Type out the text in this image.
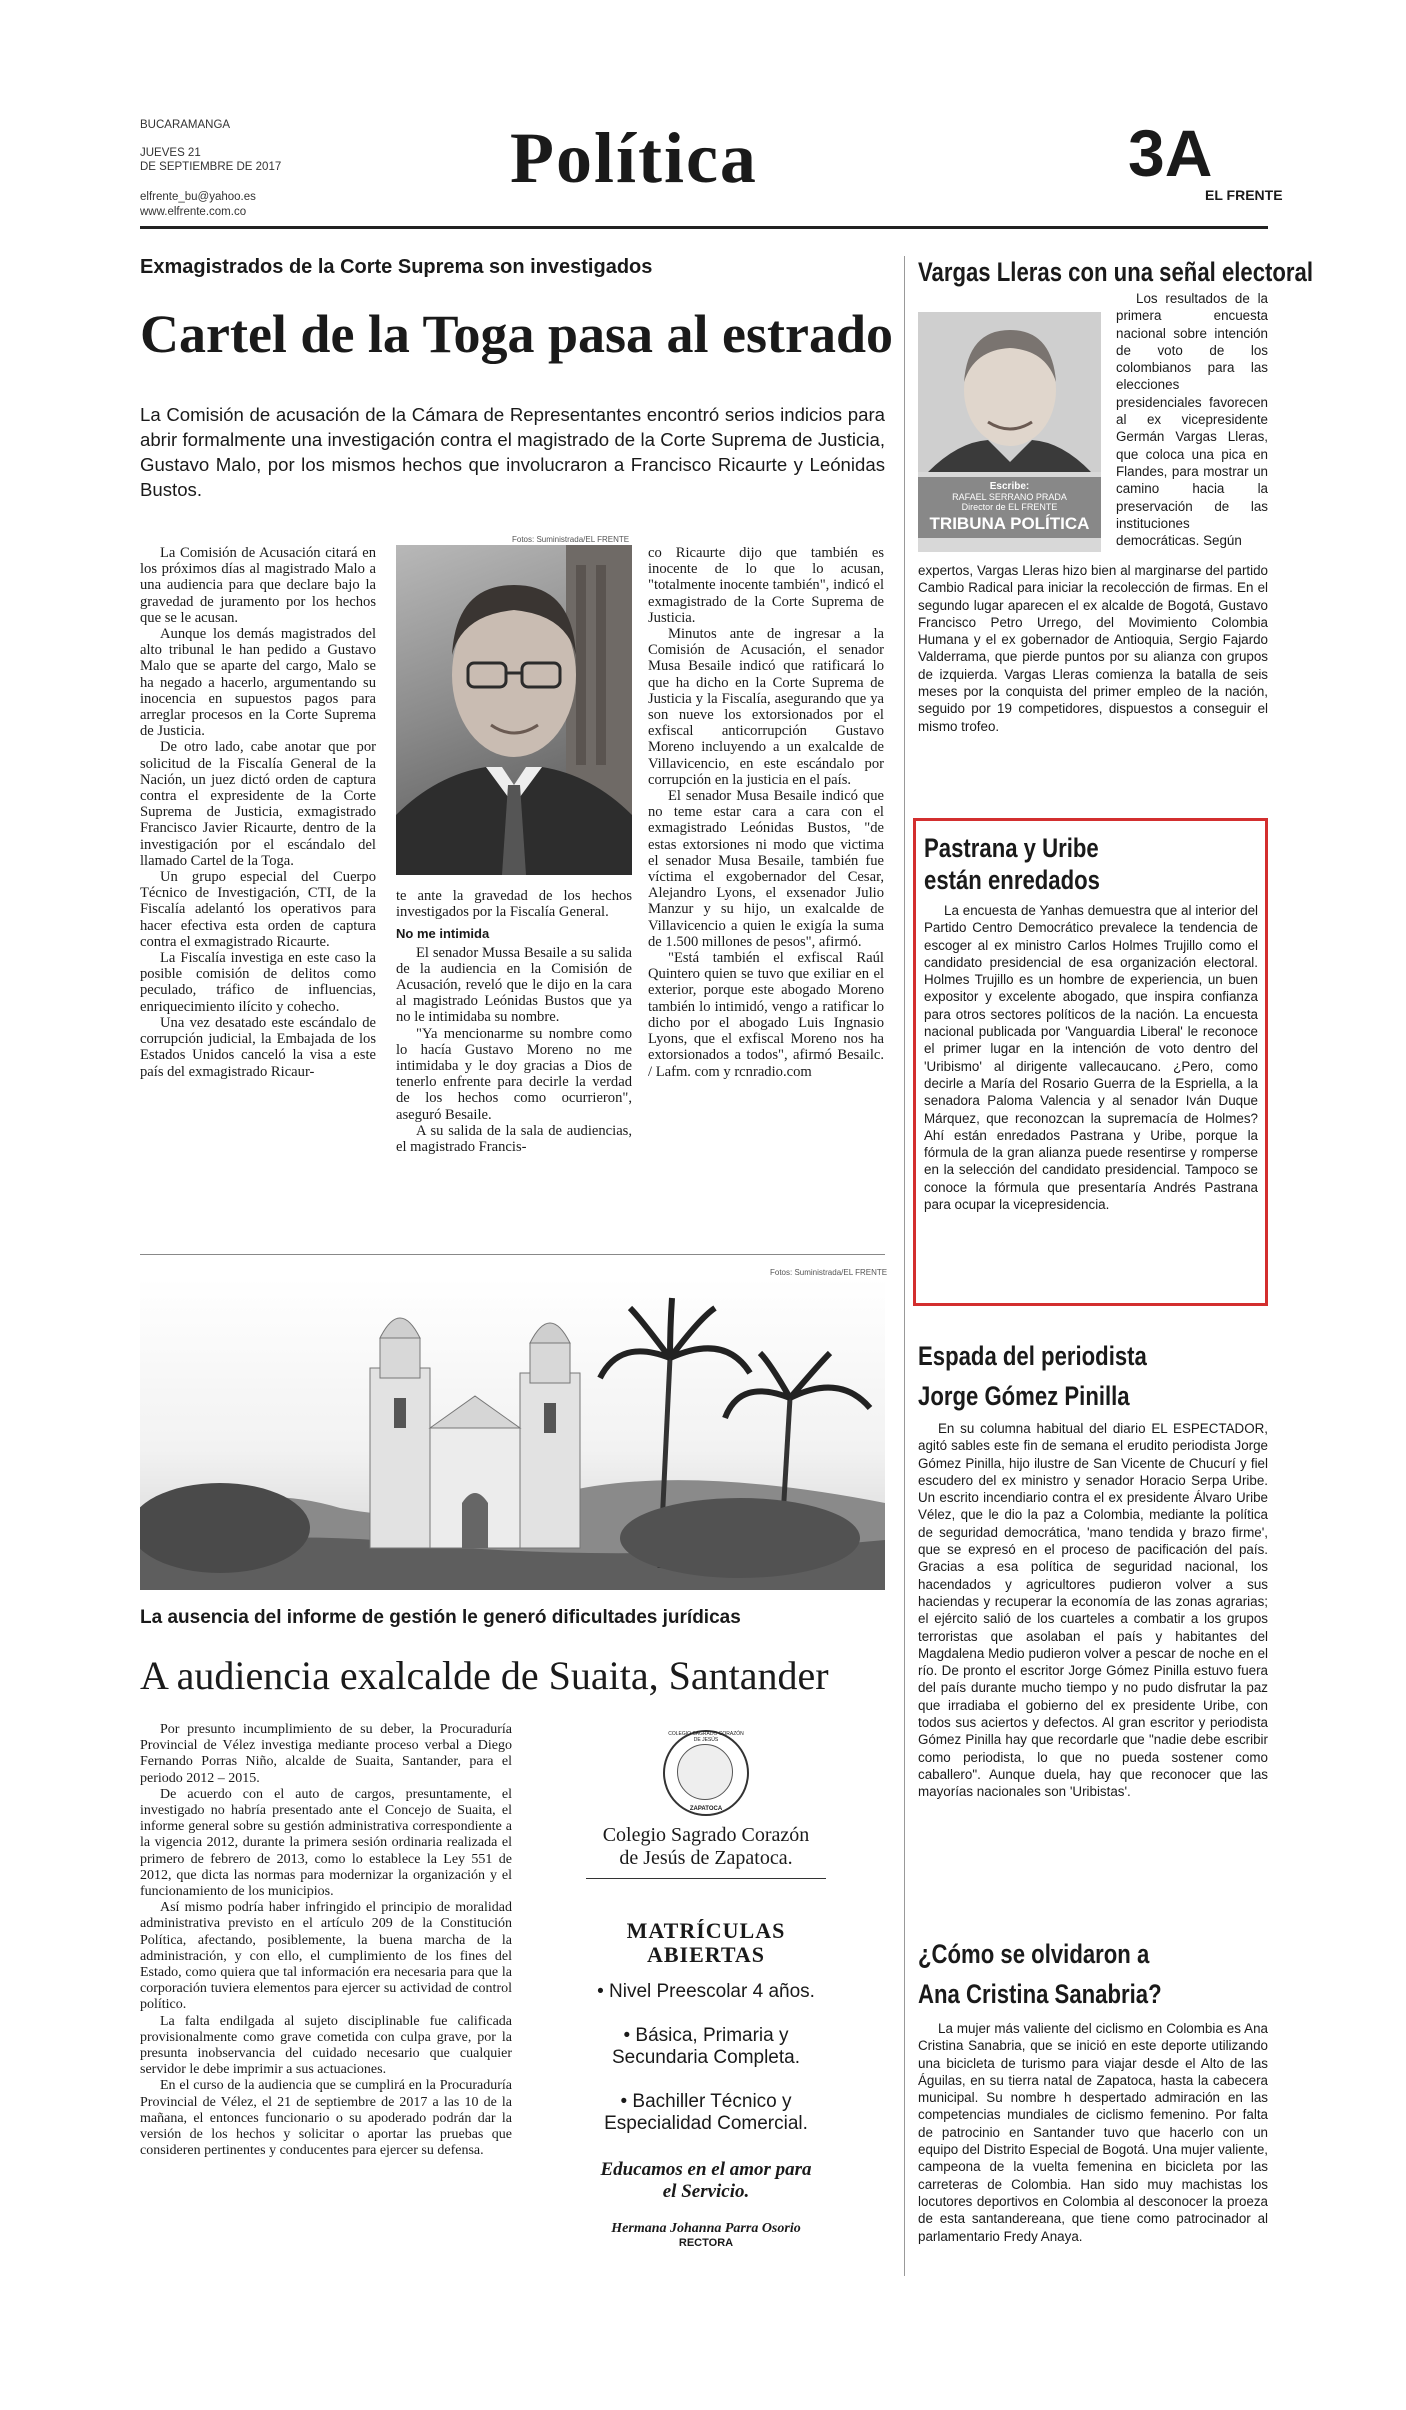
BUCARAMANGA
JUEVES 21
DE SEPTIEMBRE DE 2017
elfrente_bu@yahoo.es
www.elfrente.com.co
Política	3A
EL FRENTE
Exmagistrados de la Corte Suprema son investigados
Cartel de la Toga pasa al estrado
La Comisión de acusación de la Cámara de Representantes encontró serios indicios para abrir formalmente una investigación contra el magistrado de la Corte Suprema de Justicia, Gustavo Malo, por los mismos hechos que involucraron a Francisco Ricaurte y Leónidas Bustos.
Fotos: Suministrada/EL FRENTE

La Comisión de Acusación citará en los próximos días al magistrado Malo a una audiencia para que declare bajo la gravedad de juramento por los hechos que se le acusan.

Aunque los demás magistrados del alto tribunal le han pedido a Gustavo Malo que se aparte del cargo, Malo se ha negado a hacerlo, argumentando su inocencia en supuestos pagos para arreglar procesos en la Corte Suprema de Justicia.

De otro lado, cabe anotar que por solicitud de la Fiscalía General de la Nación, un juez dictó orden de captura contra el expresidente de la Corte Suprema de Justicia, exmagistrado Francisco Javier Ricaurte, dentro de la investigación por el escándalo del llamado Cartel de la Toga.

Un grupo especial del Cuerpo Técnico de Investigación, CTI, de la Fiscalía adelantó los operativos para hacer efectiva esta orden de captura contra el exmagistrado Ricaurte.

La Fiscalía investiga en este caso la posible comisión de delitos como peculado, tráfico de influencias, enriquecimiento ilícito y cohecho.

Una vez desatado este escándalo de corrupción judicial, la Embajada de los Estados Unidos canceló la visa a este país del exmagistrado Ricaur-

te ante la gravedad de los hechos investigados por la Fiscalía General.

No me intimida

El senador Mussa Besaile a su salida de la audiencia en la Comisión de Acusación, reveló que le dijo en la cara al magistrado Leónidas Bustos que ya no le intimidaba su nombre.

"Ya mencionarme su nombre como lo hacía Gustavo Moreno no me intimidaba y le doy gracias a Dios de tenerlo enfrente para decirle la verdad de los hechos como ocurrieron", aseguró Besaile.

A su salida de la sala de audiencias, el magistrado Francis-

co Ricaurte dijo que también es inocente de lo que lo acusan, "totalmente inocente también", indicó el exmagistrado de la Corte Suprema de Justicia.

Minutos ante de ingresar a la Comisión de Acusación, el senador Musa Besaile indicó que ratificará lo que ha dicho en la Corte Suprema de Justicia y la Fiscalía, asegurando que ya son nueve los extorsionados por el exfiscal anticorrupción Gustavo Moreno incluyendo a un exalcalde de Villavicencio, en este escándalo por corrupción en la justicia en el país.

El senador Musa Besaile indicó que no teme estar cara a cara con el exmagistrado Leónidas Bustos, "de estas extorsiones ni modo que victima el senador Musa Besaile, también fue víctima el exgobernador del Cesar, Alejandro Lyons, el exsenador Julio Manzur y su hijo, un exalcalde de Villavicencio a quien le exigía la suma de 1.500 millones de pesos", afirmó.

"Está también el exfiscal Raúl Quintero quien se tuvo que exiliar en el exterior, porque este abogado Moreno también lo intimidó, vengo a ratificar lo dicho por el abogado Luis Ingnasio Lyons, que el exfiscal Moreno nos ha extorsionados a todos", afirmó Besailc. / Lafm. com y rcnradio.com

Fotos: Suministrada/EL FRENTE
La ausencia del informe de gestión le generó dificultades jurídicas
A audiencia exalcalde de Suaita, Santander

Por presunto incumplimiento de su deber, la Procuraduría Provincial de Vélez investiga mediante proceso verbal a Diego Fernando Porras Niño, alcalde de Suaita, Santander, para el periodo 2012 – 2015.

De acuerdo con el auto de cargos, presuntamente, el investigado no habría presentado ante el Concejo de Suaita, el informe general sobre su gestión administrativa correspondiente a la vigencia 2012, durante la primera sesión ordinaria realizada el primero de febrero de 2013, como lo establece la Ley 551 de 2012, que dicta las normas para modernizar la organización y el funcionamiento de los municipios.

Así mismo podría haber infringido el principio de moralidad administrativa previsto en el artículo 209 de la Constitución Política, afectando, posiblemente, la buena marcha de la administración, y con ello, el cumplimiento de los fines del Estado, como quiera que tal información era necesaria para que la corporación tuviera elementos para ejercer su actividad de control político.

La falta endilgada al sujeto disciplinable fue calificada provisionalmente como grave cometida con culpa grave, por la presunta inobservancia del cuidado necesario que cualquier servidor le debe imprimir a sus actuaciones.

En el curso de la audiencia que se cumplirá en la Procuraduría Provincial de Vélez, el 21 de septiembre de 2017 a las 10 de la mañana, el entonces funcionario o su apoderado podrán dar la versión de los hechos y solicitar o aportar las pruebas que consideren pertinentes y conducentes para ejercer su defensa.

COLEGIO SAGRADO CORAZÓN DE JESÚS
ZAPATOCA
Colegio Sagrado Corazón
de Jesús de Zapatoca.
MATRÍCULAS
ABIERTAS
• Nivel Preescolar 4 años.
• Básica, Primaria y Secundaria Completa.
• Bachiller Técnico y Especialidad Comercial.
Educamos en el amor para el Servicio.
Hermana Johanna Parra Osorio
RECTORA
Vargas Lleras con una señal electoral
Escribe:
RAFAEL SERRANO PRADA
Director de EL FRENTE
TRIBUNA POLÍTICA

Los resultados de la primera encuesta nacional sobre intención de voto de los colombianos para las elecciones presidenciales favorecen al ex vicepresidente Germán Vargas Lleras, que coloca una pica en Flandes, para mostrar un camino hacia la preservación de las instituciones democráticas. Según

expertos, Vargas Lleras hizo bien al marginarse del partido Cambio Radical para iniciar la recolección de firmas. En el segundo lugar aparecen el ex alcalde de Bogotá, Gustavo Francisco Petro Urrego, del Movimiento Colombia Humana y el ex gobernador de Antioquia, Sergio Fajardo Valderrama, que pierde puntos por su alianza con grupos de izquierda. Vargas Lleras comienza la batalla de seis meses por la conquista del primer empleo de la nación, seguido por 19 competidores, dispuestos a conseguir el mismo trofeo.

Pastrana y Uribe
están enredados

La encuesta de Yanhas demuestra que al interior del Partido Centro Democrático prevalece la tendencia de escoger al ex ministro Carlos Holmes Trujillo como el candidato presidencial de esa organización electoral. Holmes Trujillo es un hombre de experiencia, un buen expositor y excelente abogado, que inspira confianza para otros sectores políticos de la nación. La encuesta nacional publicada por 'Vanguardia Liberal' le reconoce el primer lugar en la intención de voto dentro del 'Uribismo' al dirigente vallecaucano. ¿Pero, como decirle a María del Rosario Guerra de la Espriella, a la senadora Paloma Valencia y al senador Iván Duque Márquez, que reconozcan la supremacía de Holmes? Ahí están enredados Pastrana y Uribe, porque la fórmula de la gran alianza puede resentirse y romperse en la selección del candidato presidencial. Tampoco se conoce la fórmula que presentaría Andrés Pastrana para ocupar la vicepresidencia.

Espada del periodista
Jorge Gómez Pinilla

En su columna habitual del diario EL ESPECTADOR, agitó sables este fin de semana el erudito periodista Jorge Gómez Pinilla, hijo ilustre de San Vicente de Chucurí y fiel escudero del ex ministro y senador Horacio Serpa Uribe. Un escrito incendiario contra el ex presidente Álvaro Uribe Vélez, que le dio la paz a Colombia, mediante la política de seguridad democrática, 'mano tendida y brazo firme', que se expresó en el proceso de pacificación del país. Gracias a esa política de seguridad nacional, los hacendados y agricultores pudieron volver a sus haciendas y recuperar la economía de las zonas agrarias; el ejército salió de los cuarteles a combatir a los grupos terroristas que asolaban el país y habitantes del Magdalena Medio pudieron volver a pescar de noche en el río. De pronto el escritor Jorge Gómez Pinilla estuvo fuera del país durante mucho tiempo y no pudo disfrutar la paz que irradiaba el gobierno del ex presidente Uribe, con todos sus aciertos y defectos. Al gran escritor y periodista Gómez Pinilla hay que recordarle que "nadie debe escribir como periodista, lo que no pueda sostener como caballero". Aunque duela, hay que reconocer que las mayorías nacionales son 'Uribistas'.

¿Cómo se olvidaron a
Ana Cristina Sanabria?

La mujer más valiente del ciclismo en Colombia es Ana Cristina Sanabria, que se inició en este deporte utilizando una bicicleta de turismo para viajar desde el Alto de las Águilas, en su tierra natal de Zapatoca, hasta la cabecera municipal. Su nombre h despertado admiración en las competencias mundiales de ciclismo femenino. Por falta de patrocinio en Santander tuvo que hacerlo con un equipo del Distrito Especial de Bogotá. Una mujer valiente, campeona de la vuelta femenina en bicicleta por las carreteras de Colombia. Han sido muy machistas los locutores deportivos en Colombia al desconocer la proeza de esta santandereana, que tiene como patrocinador al parlamentario Fredy Anaya.
